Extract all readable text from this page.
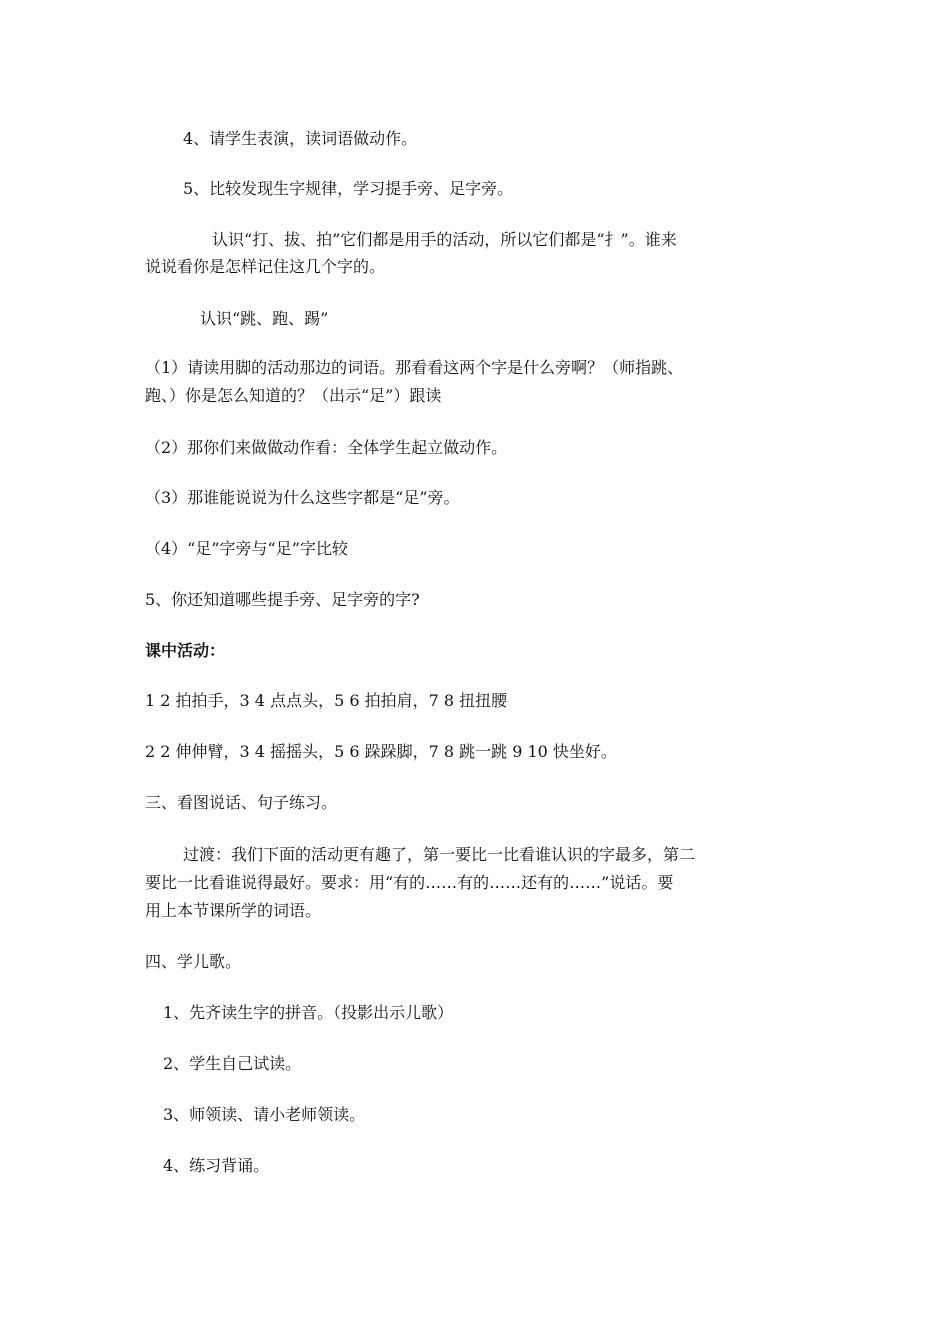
4、请学生表演，读词语做动作。
5、比较发现生字规律，学习提手旁、足字旁。
认识“打、拔、拍”它们都是用手的活动，所以它们都是“扌”。谁来
说说看你是怎样记住这几个字的。
认识“跳、跑、踢”
（1）请读用脚的活动那边的词语。那看看这两个字是什么旁啊？（师指跳、
跑、）你是怎么知道的？（出示“足”）跟读
（2）那你们来做做动作看：全体学生起立做动作。
（3）那谁能说说为什么这些字都是“足”旁。
（4）“足”字旁与“足”字比较
5、你还知道哪些提手旁、足字旁的字?
课中活动：
1 2 拍拍手，3 4 点点头，5 6 拍拍肩，7 8 扭扭腰
2 2 伸伸臂，3 4 摇摇头，5 6 跺跺脚，7 8 跳一跳 9 10 快坐好。
三、看图说话、句子练习。
过渡：我们下面的活动更有趣了，第一要比一比看谁认识的字最多，第二
要比一比看谁说得最好。要求：用“有的……有的……还有的……”说话。要
用上本节课所学的词语。
四、学儿歌。
1、先齐读生字的拼音。（投影出示儿歌）
2、学生自己试读。
3、师领读、请小老师领读。
4、练习背诵。
